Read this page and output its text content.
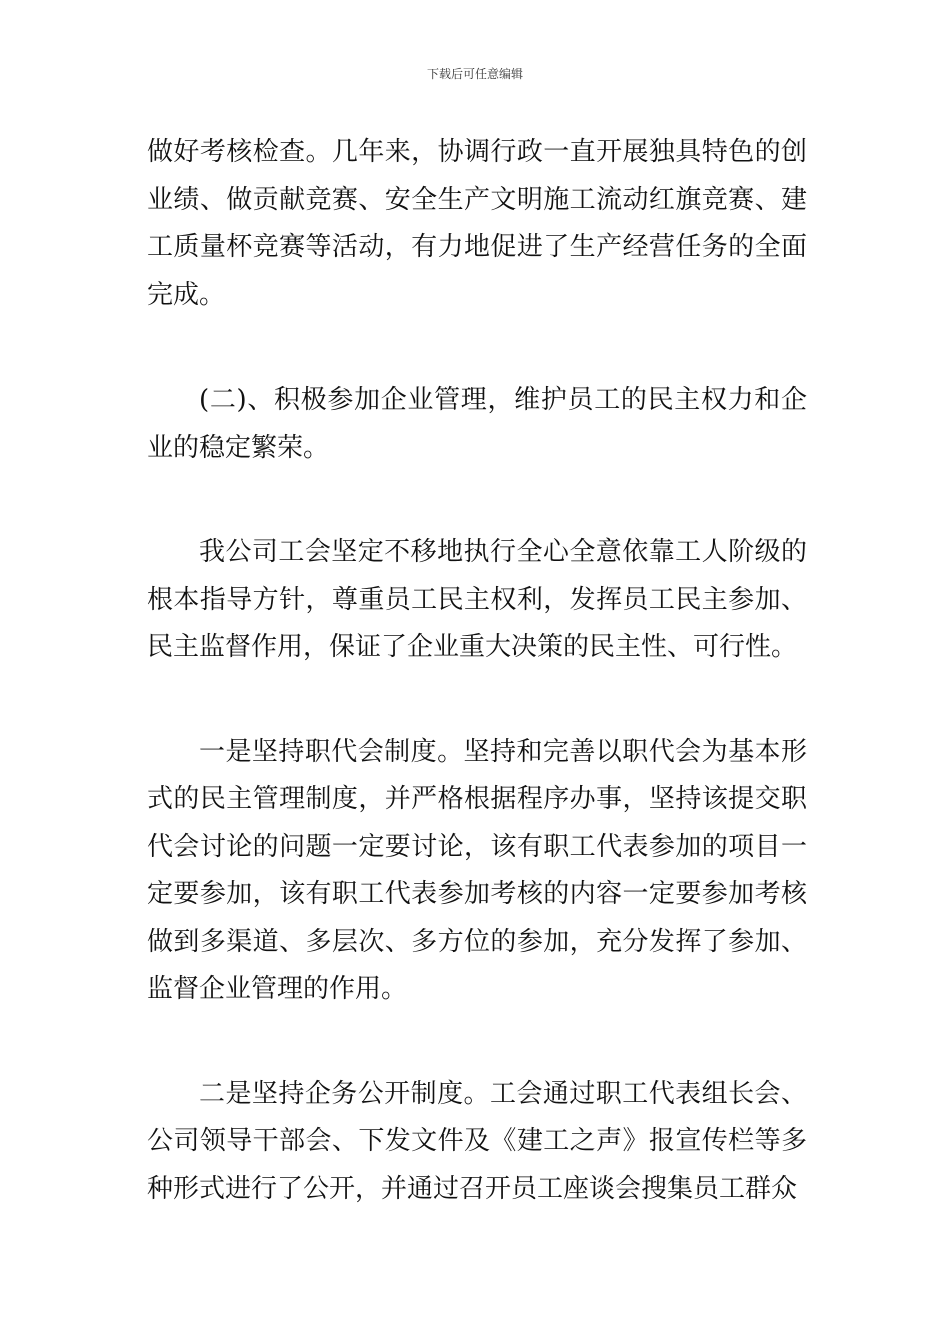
下载后可任意编辑

做好考核检查。几年来，协调行政一直开展独具特色的创业绩、做贡献竞赛、安全生产文明施工流动红旗竞赛、建工质量杯竞赛等活动，有力地促进了生产经营任务的全面完成。

(二)、积极参加企业管理，维护员工的民主权力和企业的稳定繁荣。

我公司工会坚定不移地执行全心全意依靠工人阶级的根本指导方针，尊重员工民主权利，发挥员工民主参加、民主监督作用，保证了企业重大决策的民主性、可行性。

一是坚持职代会制度。坚持和完善以职代会为基本形式的民主管理制度，并严格根据程序办事，坚持该提交职代会讨论的问题一定要讨论，该有职工代表参加的项目一定要参加，该有职工代表参加考核的内容一定要参加考核做到多渠道、多层次、多方位的参加，充分发挥了参加、监督企业管理的作用。

二是坚持企务公开制度。工会通过职工代表组长会、公司领导干部会、下发文件及《建工之声》报宣传栏等多种形式进行了公开，并通过召开员工座谈会搜集员工群众
